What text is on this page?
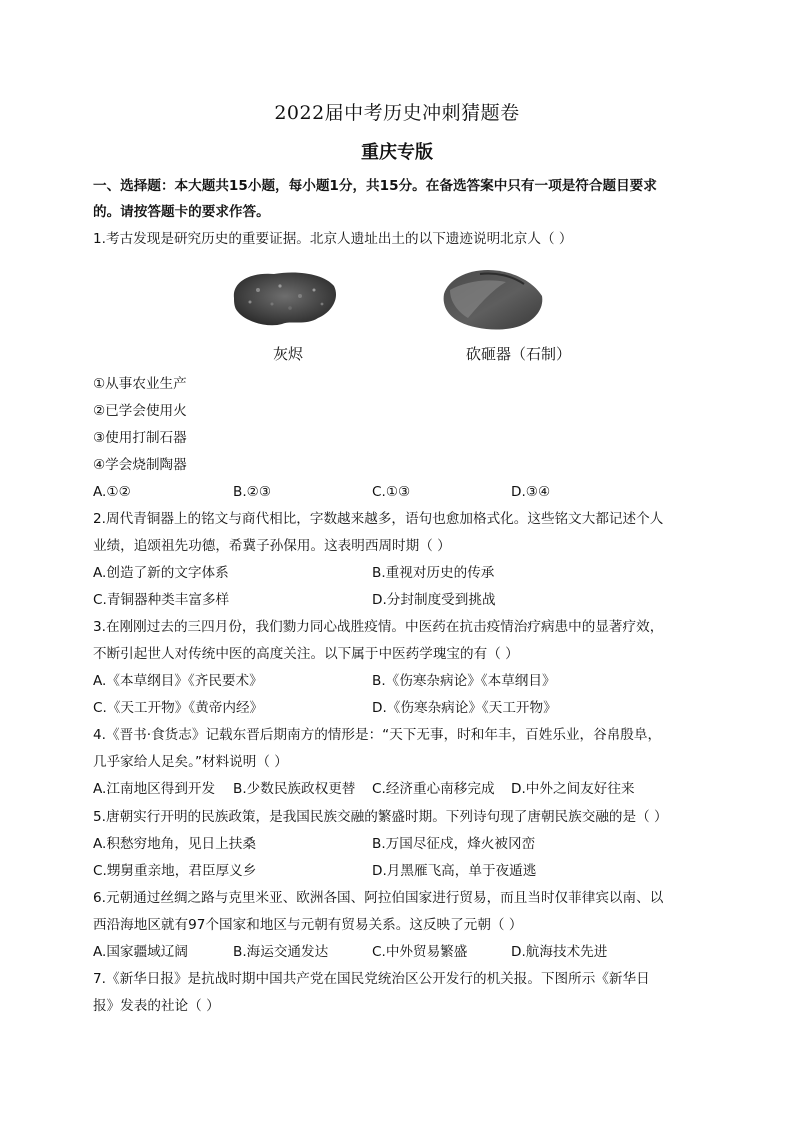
2022届中考历史冲刺猜题卷
重庆专版
一、选择题：本大题共15小题，每小题1分，共15分。在备选答案中只有一项是符合题目要求
的。请按答题卡的要求作答。
1.考古发现是研究历史的重要证据。北京人遗址出土的以下遗迹说明北京人（ ）
灰烬	砍砸器（石制）
①从事农业生产
②已学会使用火
③使用打制石器
④学会烧制陶器
A.①②	B.②③	C.①③	D.③④
2.周代青铜器上的铭文与商代相比，字数越来越多，语句也愈加格式化。这些铭文大都记述个人
业绩，追颂祖先功德，希冀子孙保用。这表明西周时期（ ）
A.创造了新的文字体系	B.重视对历史的传承
C.青铜器种类丰富多样	D.分封制度受到挑战
3.在刚刚过去的三四月份，我们勠力同心战胜疫情。中医药在抗击疫情治疗病患中的显著疗效，
不断引起世人对传统中医的高度关注。以下属于中医药学瑰宝的有（ ）
A.《本草纲目》《齐民要术》	B.《伤寒杂病论》《本草纲目》
C.《天工开物》《黄帝内经》	D.《伤寒杂病论》《天工开物》
4.《晋书·食货志》记载东晋后期南方的情形是：“天下无事，时和年丰，百姓乐业，谷帛殷阜，
几乎家给人足矣。”材料说明（ ）
A.江南地区得到开发 B.少数民族政权更替 C.经济重心南移完成 D.中外之间友好往来
5.唐朝实行开明的民族政策，是我国民族交融的繁盛时期。下列诗句现了唐朝民族交融的是（ ）
A.积愁穷地角，见日上扶桑	B.万国尽征戍，烽火被冈峦
C.甥舅重亲地，君臣厚义乡	D.月黑雁飞高，单于夜遁逃
6.元朝通过丝绸之路与克里米亚、欧洲各国、阿拉伯国家进行贸易，而且当时仅菲律宾以南、以
西沿海地区就有97个国家和地区与元朝有贸易关系。这反映了元朝（ ）
A.国家疆域辽阔	B.海运交通发达	C.中外贸易繁盛	D.航海技术先进
7.《新华日报》是抗战时期中国共产党在国民党统治区公开发行的机关报。下图所示《新华日
报》发表的社论（ ）
